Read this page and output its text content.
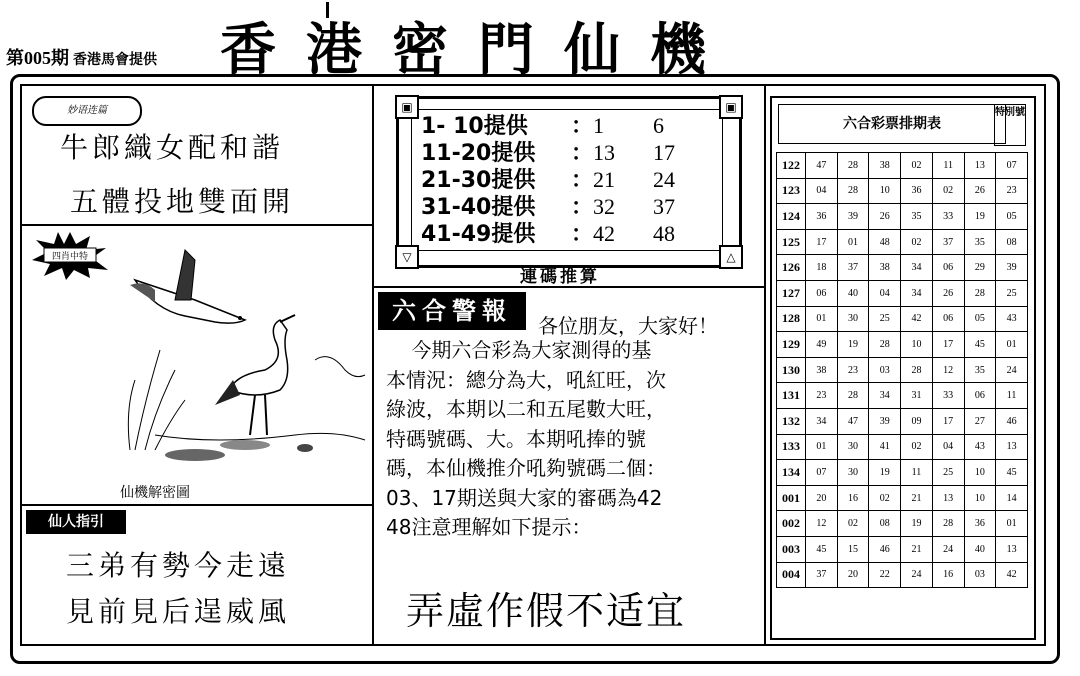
第005期 香港馬會提供 香港密門仙機
妙语连篇
牛郎織女配和諧
五體投地雙面開
四肖中特
仙機解密圖
仙人指引
三弟有勢今走遠
見前見后逞威風
▣	▣
▽	△
1- 10提供 ：1 6
11-20提供 ：13 17
21-30提供 ：21 24
31-40提供 ：32 37
41-49提供 ：42 48
連碼推算
六合警報
各位朋友，大家好！
今期六合彩為大家測得的基
本情況：總分為大，吼紅旺，次
綠波，本期以二和五尾數大旺，
特碼號碼、大。本期吼捧的號
碼，本仙機推介吼夠號碼二個：
03、17期送與大家的審碼為42
48注意理解如下提示：
弄虛作假不适宜
六合彩票排期表
特別號
122	47	28	38	02	11	13	07
123	04	28	10	36	02	26	23
124	36	39	26	35	33	19	05
125	17	01	48	02	37	35	08
126	18	37	38	34	06	29	39
127	06	40	04	34	26	28	25
128	01	30	25	42	06	05	43
129	49	19	28	10	17	45	01
130	38	23	03	28	12	35	24
131	23	28	34	31	33	06	11
132	34	47	39	09	17	27	46
133	01	30	41	02	04	43	13
134	07	30	19	11	25	10	45
001	20	16	02	21	13	10	14
002	12	02	08	19	28	36	01
003	45	15	46	21	24	40	13
004	37	20	22	24	16	03	42
